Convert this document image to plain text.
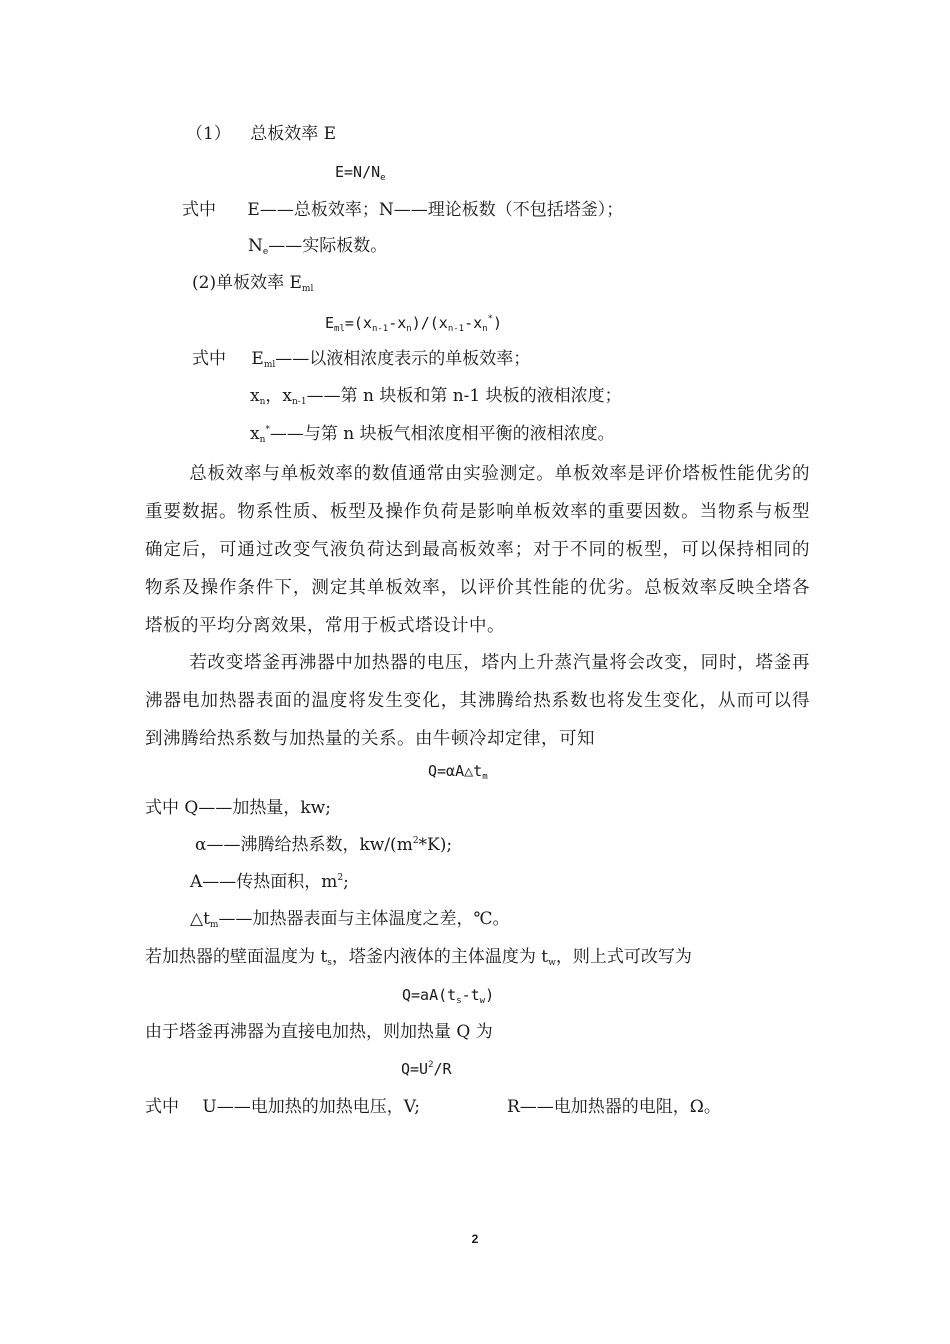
（1） 总板效率 E
$E=N/N_e$
式中 E——总板效率；N——理论板数（不包括塔釜）；
$N_e——$实际板数。
(2)单板效率 $E_{ml}$
$E_{ml}=(x_{n-1}-x_n)/(x_{n-1}-x_n^*)$
式中 $E_{ml}——$以液相浓度表示的单板效率；
$x_n$，$x_{n-1}——$第 n 块板和第 n-1 块板的液相浓度；
$x_n^*——$与第 n 块板气相浓度相平衡的液相浓度。
总板效率与单板效率的数值通常由实验测定。单板效率是评价塔板性能优劣的重要数据。物系性质、板型及操作负荷是影响单板效率的重要因数。当物系与板型确定后，可通过改变气液负荷达到最高板效率；对于不同的板型，可以保持相同的物系及操作条件下，测定其单板效率，以评价其性能的优劣。总板效率反映全塔各塔板的平均分离效果，常用于板式塔设计中。
若改变塔釜再沸器中加热器的电压，塔内上升蒸汽量将会改变，同时，塔釜再沸器电加热器表面的温度将发生变化，其沸腾给热系数也将发生变化，从而可以得到沸腾给热系数与加热量的关系。由牛顿冷却定律，可知
$Q=\alpha A\triangle t_m$
式中 Q——加热量，kw;
α——沸腾给热系数，$kw/(m^2*K)$;
A——传热面积，$m^2$;
$\triangle t_m——$加热器表面与主体温度之差，℃。
若加热器的壁面温度为 $t_s$，塔釜内液体的主体温度为 $t_w$，则上式可改写为
$Q=aA(t_s-t_w)$
由于塔釜再沸器为直接电加热，则加热量 Q 为
$Q=U^2/R$
式中 U——电加热的加热电压，V;	R——电加热器的电阻，Ω。
2
